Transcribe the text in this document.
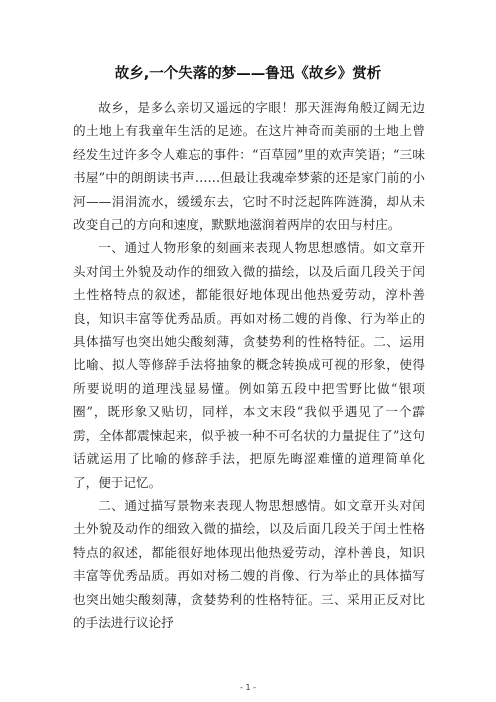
故乡,一个失落的梦——鲁迅《故乡》赏析

故乡，是多么亲切又遥远的字眼！那天涯海角般辽阔无边的土地上有我童年生活的足迹。在这片神奇而美丽的土地上曾经发生过许多令人难忘的事件：“百草园”里的欢声笑语；“三味书屋”中的朗朗读书声……但最让我魂牵梦萦的还是家门前的小河——涓涓流水，缓缓东去，它时不时泛起阵阵涟漪，却从未改变自己的方向和速度，默默地滋润着两岸的农田与村庄。

一、通过人物形象的刻画来表现人物思想感情。如文章开头对闰土外貌及动作的细致入微的描绘，以及后面几段关于闰土性格特点的叙述，都能很好地体现出他热爱劳动，淳朴善良，知识丰富等优秀品质。再如对杨二嫂的肖像、行为举止的具体描写也突出她尖酸刻薄，贪婪势利的性格特征。二、运用比喻、拟人等修辞手法将抽象的概念转换成可视的形象，使得所要说明的道理浅显易懂。例如第五段中把雪野比做“银项圈”，既形象又贴切，同样，本文末段“我似乎遇见了一个霹雳，全体都震悚起来，似乎被一种不可名状的力量捉住了”这句话就运用了比喻的修辞手法，把原先晦涩难懂的道理简单化了，便于记忆。

二、通过描写景物来表现人物思想感情。如文章开头对闰土外貌及动作的细致入微的描绘，以及后面几段关于闰土性格特点的叙述，都能很好地体现出他热爱劳动，淳朴善良，知识丰富等优秀品质。再如对杨二嫂的肖像、行为举止的具体描写也突出她尖酸刻薄，贪婪势利的性格特征。三、采用正反对比的手法进行议论抒

- 1 -
